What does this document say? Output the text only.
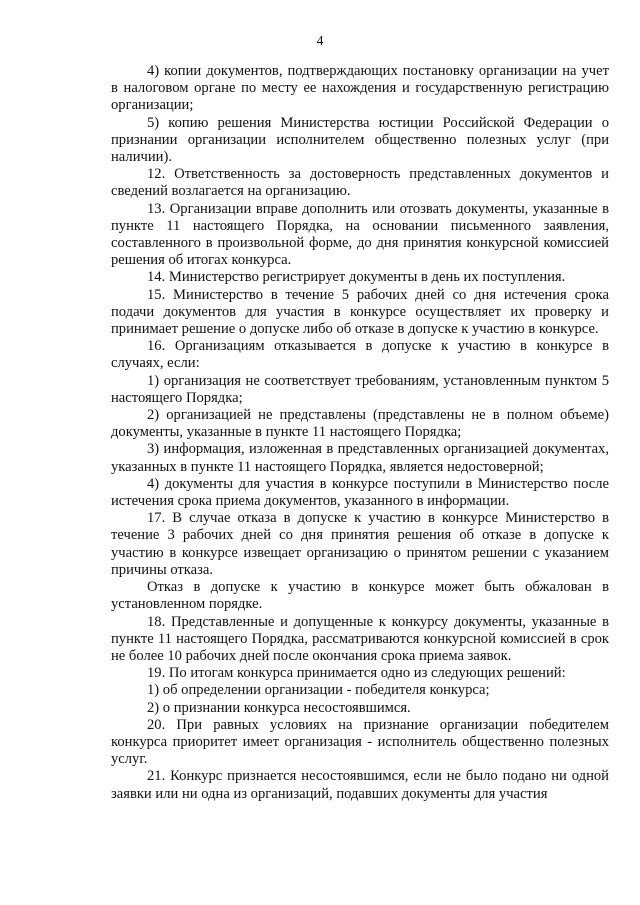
4

4) копии документов, подтверждающих постановку организации на учет в налоговом органе по месту ее нахождения и государственную регистрацию организации;

5) копию решения Министерства юстиции Российской Федерации о признании организации исполнителем общественно полезных услуг (при наличии).

12. Ответственность за достоверность представленных документов и сведений возлагается на организацию.

13. Организации вправе дополнить или отозвать документы, указанные в пункте 11 настоящего Порядка, на основании письменного заявления, составленного в произвольной форме, до дня принятия конкурсной комиссией решения об итогах конкурса.

14. Министерство регистрирует документы в день их поступления.

15. Министерство в течение 5 рабочих дней со дня истечения срока подачи документов для участия в конкурсе осуществляет их проверку и принимает решение о допуске либо об отказе в допуске к участию в конкурсе.

16. Организациям отказывается в допуске к участию в конкурсе в случаях, если:

1) организация не соответствует требованиям, установленным пунктом 5 настоящего Порядка;

2) организацией не представлены (представлены не в полном объеме) документы, указанные в пункте 11 настоящего Порядка;

3) информация, изложенная в представленных организацией документах, указанных в пункте 11 настоящего Порядка, является недостоверной;

4) документы для участия в конкурсе поступили в Министерство после истечения срока приема документов, указанного в информации.

17. В случае отказа в допуске к участию в конкурсе Министерство в течение 3 рабочих дней со дня принятия решения об отказе в допуске к участию в конкурсе извещает организацию о принятом решении с указанием причины отказа.

Отказ в допуске к участию в конкурсе может быть обжалован в установленном порядке.

18. Представленные и допущенные к конкурсу документы, указанные в пункте 11 настоящего Порядка, рассматриваются конкурсной комиссией в срок не более 10 рабочих дней после окончания срока приема заявок.

19. По итогам конкурса принимается одно из следующих решений:

1) об определении организации - победителя конкурса;

2) о признании конкурса несостоявшимся.

20. При равных условиях на признание организации победителем конкурса приоритет имеет организация - исполнитель общественно полезных услуг.

21. Конкурс признается несостоявшимся, если не было подано ни одной заявки или ни одна из организаций, подавших документы для участия
